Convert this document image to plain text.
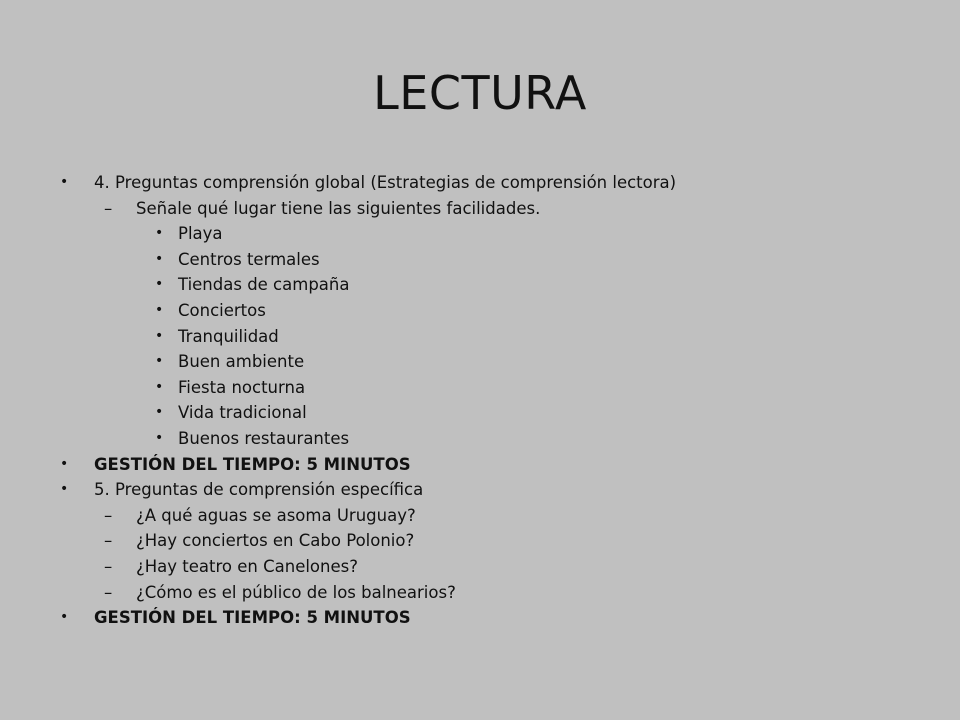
LECTURA
• 4. Preguntas comprensión global (Estrategias de comprensión lectora)
– Señale qué lugar tiene las siguientes facilidades.
• Playa
• Centros termales
• Tiendas de campaña
• Conciertos
• Tranquilidad
• Buen ambiente
• Fiesta nocturna
• Vida tradicional
• Buenos restaurantes
• GESTIÓN DEL TIEMPO: 5 MINUTOS
• 5. Preguntas de comprensión específica
– ¿A qué aguas se asoma Uruguay?
– ¿Hay conciertos en Cabo Polonio?
– ¿Hay teatro en Canelones?
– ¿Cómo es el público de los balnearios?
• GESTIÓN DEL TIEMPO: 5 MINUTOS
